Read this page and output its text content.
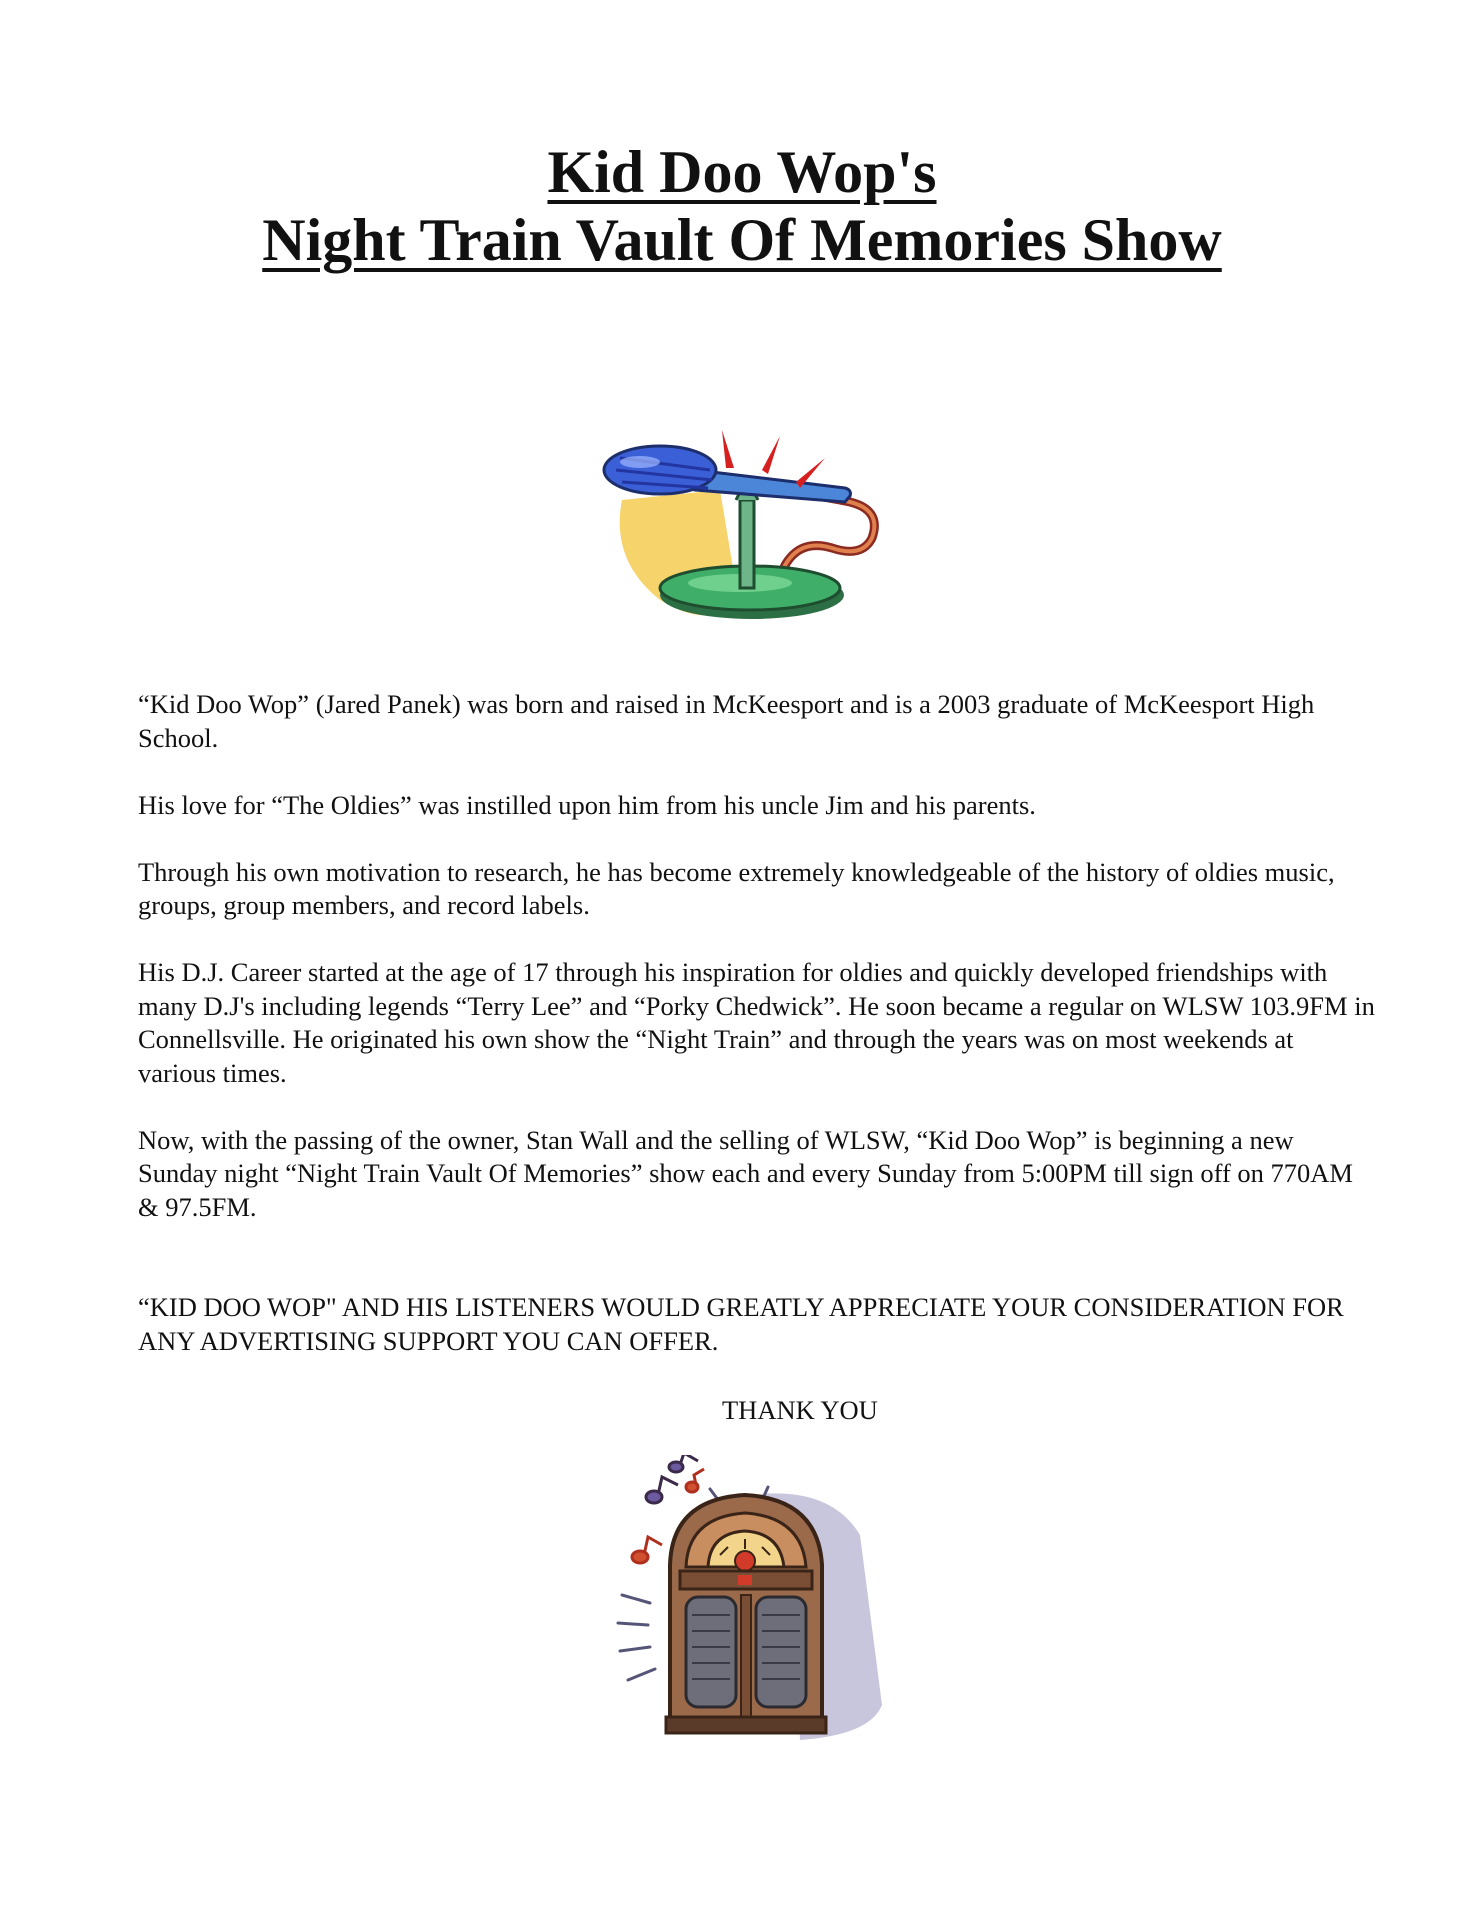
Kid Doo Wop's
Night Train Vault Of Memories Show

“Kid Doo Wop” (Jared Panek) was born and raised in McKeesport and is a 2003 graduate of McKeesport High School.

His love for “The Oldies” was instilled upon him from his uncle Jim and his parents.

Through his own motivation to research, he has become extremely knowledgeable of the history of oldies music, groups, group members, and record labels.

His D.J. Career started at the age of 17 through his inspiration for oldies and quickly developed friendships with many D.J's including legends “Terry Lee” and “Porky Chedwick”. He soon became a regular on WLSW 103.9FM in Connellsville. He originated his own show the “Night Train” and through the years was on most weekends at various times.

Now, with the passing of the owner, Stan Wall and the selling of WLSW, “Kid Doo Wop” is beginning a new Sunday night “Night Train Vault Of Memories” show each and every Sunday from 5:00PM till sign off on 770AM & 97.5FM.

“KID DOO WOP" AND HIS LISTENERS WOULD GREATLY APPRECIATE YOUR CONSIDERATION FOR ANY ADVERTISING SUPPORT YOU CAN OFFER.

THANK YOU
